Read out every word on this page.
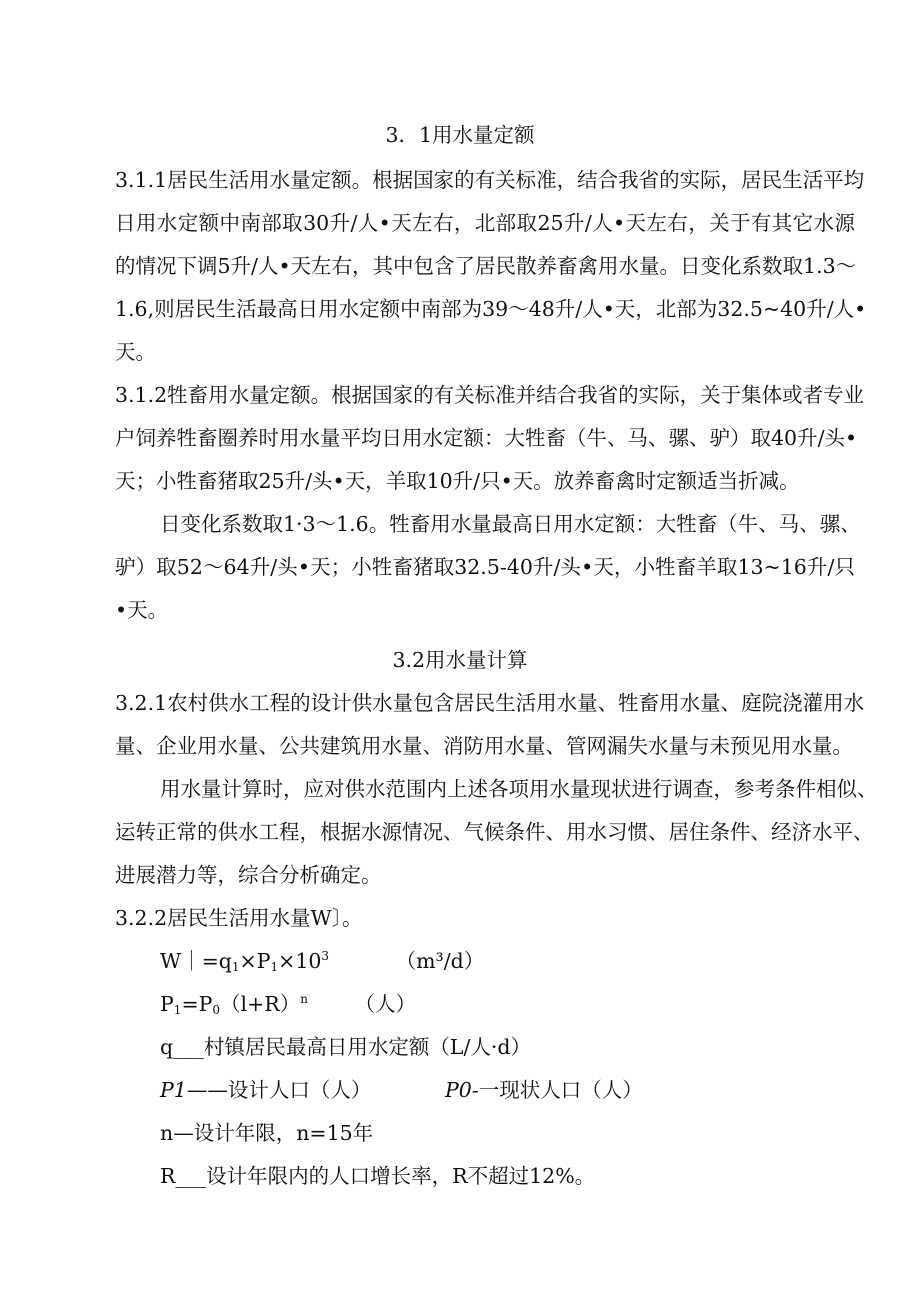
3．1用水量定额
3.1.1居民生活用水量定额。根据国家的有关标准，结合我省的实际，居民生活平均
日用水定额中南部取30升/人•天左右，北部取25升/人•天左右，关于有其它水源
的情况下调5升/人•天左右，其中包含了居民散养畜禽用水量。日变化系数取1.3～
1.6,则居民生活最高日用水定额中南部为39～48升/人•天，北部为32.5~40升/人•
天。
3.1.2牲畜用水量定额。根据国家的有关标准并结合我省的实际，关于集体或者专业
户饲养牲畜圈养时用水量平均日用水定额：大牲畜（牛、马、骡、驴）取40升/头•
天；小牲畜猪取25升/头•天，羊取10升/只•天。放养畜禽时定额适当折减。
日变化系数取1·3～1.6。牲畜用水量最高日用水定额：大牲畜（牛、马、骡、
驴）取52～64升/头•天；小牲畜猪取32.5-40升/头•天，小牲畜羊取13~16升/只
•天。
3.2用水量计算
3.2.1农村供水工程的设计供水量包含居民生活用水量、牲畜用水量、庭院浇灌用水
量、企业用水量、公共建筑用水量、消防用水量、管网漏失水量与未预见用水量。
用水量计算时，应对供水范围内上述各项用水量现状进行调查，参考条件相似、
运转正常的供水工程，根据水源情况、气候条件、用水习惯、居住条件、经济水平、
进展潜力等，综合分析确定。
3.2.2居民生活用水量W〕。
$W|=q_1\times P_1\times 10^3$	（m³/d）
$P_1=P_0(l+R)^n$ （人）
q___村镇居民最高日用水定额（L/人·d）
P1——设计人口（人）	P0-一现状人口（人）
n—设计年限，n=15年
R___设计年限内的人口增长率，R不超过12%。
